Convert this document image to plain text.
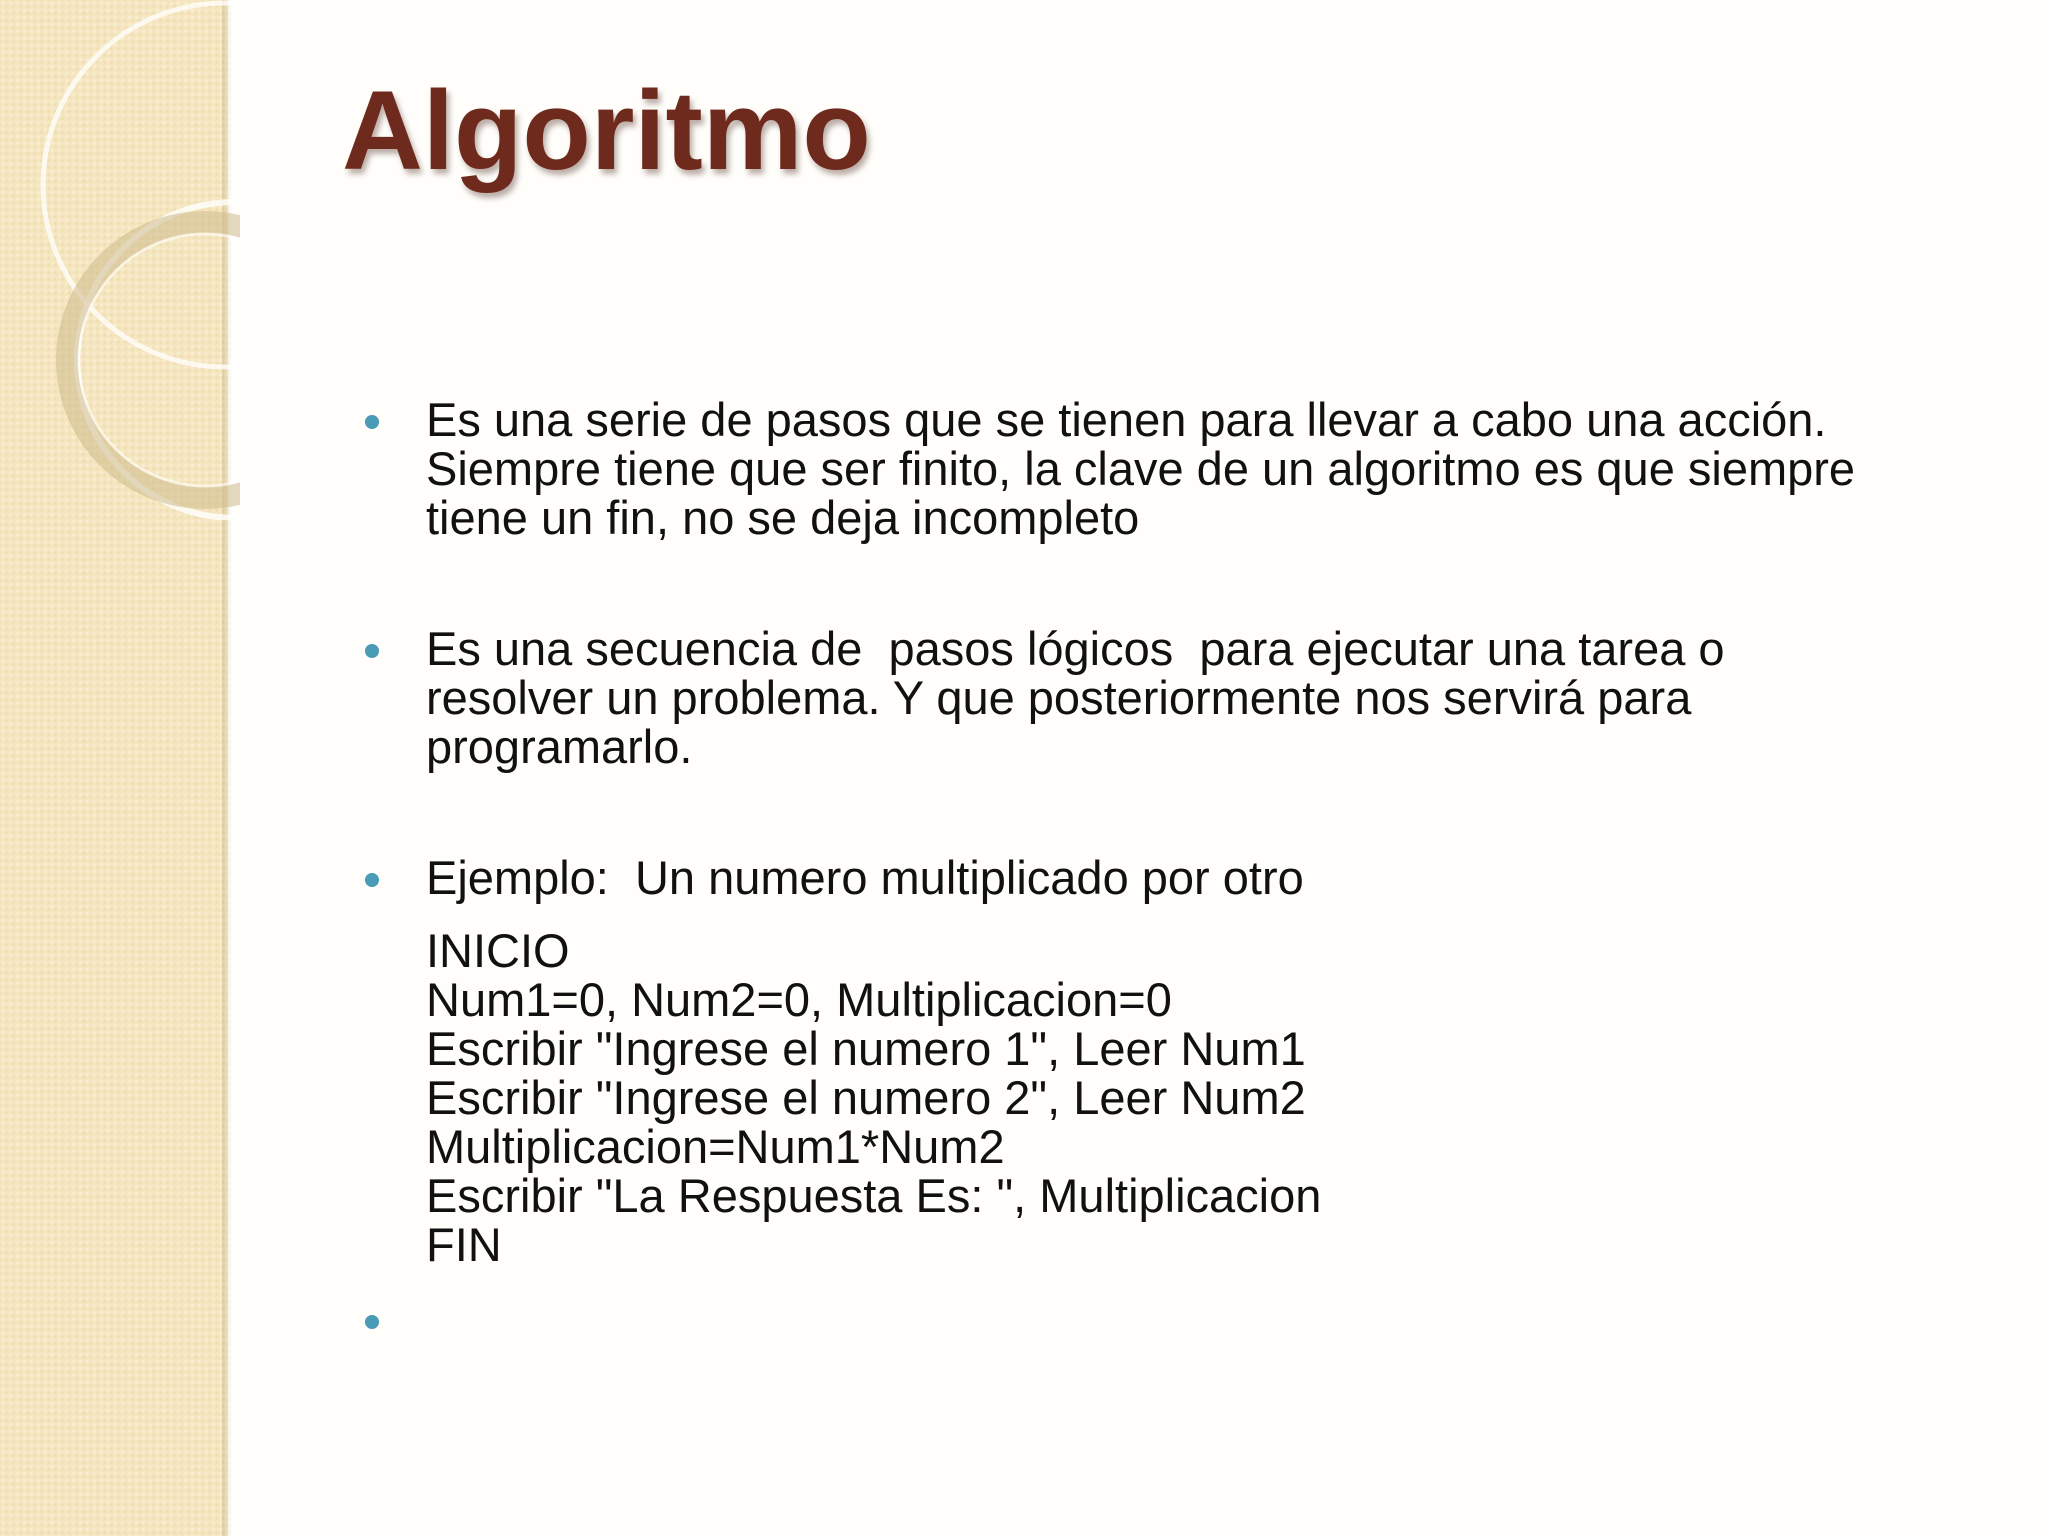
Algoritmo
Es una serie de pasos que se tienen para llevar a cabo una acción.
Siempre tiene que ser finito, la clave de un algoritmo es que siempre
tiene un fin, no se deja incompleto
Es una secuencia de  pasos lógicos  para ejecutar una tarea o
resolver un problema. Y que posteriormente nos servirá para
programarlo.
Ejemplo:  Un numero multiplicado por otro
INICIO
Num1=0, Num2=0, Multiplicacion=0
Escribir "Ingrese el numero 1", Leer Num1
Escribir "Ingrese el numero 2", Leer Num2
Multiplicacion=Num1*Num2
Escribir "La Respuesta Es: ", Multiplicacion
FIN
